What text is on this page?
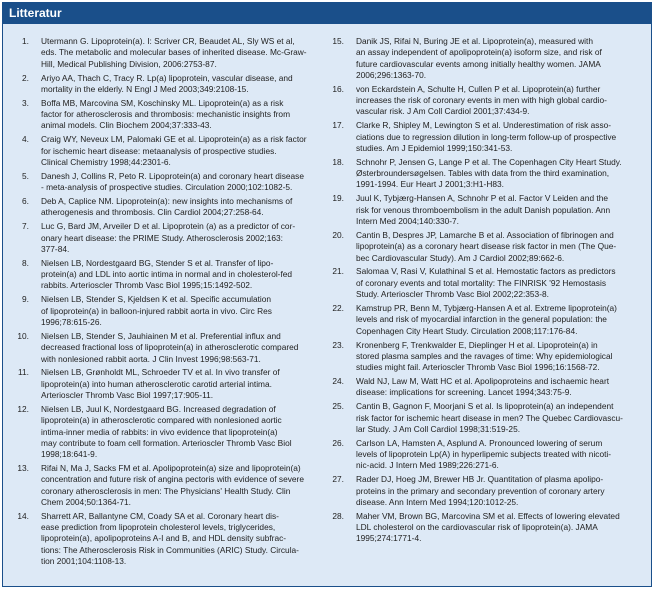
Litteratur
1.	Utermann G. Lipoprotein(a). I: Scriver CR, Beaudet AL, Sly WS et al,
eds. The metabolic and molecular bases of inherited disease. Mc-Graw-
Hill, Medical Publishing Division, 2006:2753-87.
2.	Ariyo AA, Thach C, Tracy R. Lp(a) lipoprotein, vascular disease, and
mortality in the elderly. N Engl J Med 2003;349:2108-15.
3.	Boffa MB, Marcovina SM, Koschinsky ML. Lipoprotein(a) as a risk
factor for atherosclerosis and thrombosis: mechanistic insights from
animal models. Clin Biochem 2004;37:333-43.
4.	Craig WY, Neveux LM, Palomaki GE et al. Lipoprotein(a) as a risk factor
for ischemic heart disease: metaanalysis of prospective studies.
Clinical Chemistry 1998;44:2301-6.
5.	Danesh J, Collins R, Peto R. Lipoprotein(a) and coronary heart disease
- meta-analysis of prospective studies. Circulation 2000;102:1082-5.
6.	Deb A, Caplice NM. Lipoprotein(a): new insights into mechanisms of
atherogenesis and thrombosis. Clin Cardiol 2004;27:258-64.
7.	Luc G, Bard JM, Arveiler D et al. Lipoprotein (a) as a predictor of cor-
onary heart disease: the PRIME Study. Atherosclerosis 2002;163:
377-84.
8.	Nielsen LB, Nordestgaard BG, Stender S et al. Transfer of lipo-
protein(a) and LDL into aortic intima in normal and in cholesterol-fed
rabbits. Arterioscler Thromb Vasc Biol 1995;15:1492-502.
9.	Nielsen LB, Stender S, Kjeldsen K et al. Specific accumulation
of lipoprotein(a) in balloon-injured rabbit aorta in vivo. Circ Res
1996;78:615-26.
10.	Nielsen LB, Stender S, Jauhiainen M et al. Preferential influx and
decreased fractional loss of lipoprotein(a) in atherosclerotic compared
with nonlesioned rabbit aorta. J Clin Invest 1996;98:563-71.
11.	Nielsen LB, Grønholdt ML, Schroeder TV et al. In vivo transfer of
lipoprotein(a) into human atherosclerotic carotid arterial intima.
Arterioscler Thromb Vasc Biol 1997;17:905-11.
12.	Nielsen LB, Juul K, Nordestgaard BG. Increased degradation of
lipoprotein(a) in atherosclerotic compared with nonlesioned aortic
intima-inner media of rabbits: in vivo evidence that lipoprotein(a)
may contribute to foam cell formation. Arterioscler Thromb Vasc Biol
1998;18:641-9.
13.	Rifai N, Ma J, Sacks FM et al. Apolipoprotein(a) size and lipoprotein(a)
concentration and future risk of angina pectoris with evidence of severe
coronary atherosclerosis in men: The Physicians' Health Study. Clin
Chem 2004;50:1364-71.
14.	Sharrett AR, Ballantyne CM, Coady SA et al. Coronary heart dis-
ease prediction from lipoprotein cholesterol levels, triglycerides,
lipoprotein(a), apolipoproteins A-I and B, and HDL density subfrac-
tions: The Atherosclerosis Risk in Communities (ARIC) Study. Circula-
tion 2001;104:1108-13.
15.	Danik JS, Rifai N, Buring JE et al. Lipoprotein(a), measured with
an assay independent of apolipoprotein(a) isoform size, and risk of
future cardiovascular events among initially healthy women. JAMA
2006;296:1363-70.
16.	von Eckardstein A, Schulte H, Cullen P et al. Lipoprotein(a) further
increases the risk of coronary events in men with high global cardio-
vascular risk. J Am Coll Cardiol 2001;37:434-9.
17.	Clarke R, Shipley M, Lewington S et al. Underestimation of risk asso-
ciations due to regression dilution in long-term follow-up of prospective
studies. Am J Epidemiol 1999;150:341-53.
18.	Schnohr P, Jensen G, Lange P et al. The Copenhagen City Heart Study.
Østerbroundersøgelsen. Tables with data from the third examination,
1991-1994. Eur Heart J 2001;3:H1-H83.
19.	Juul K, Tybjærg-Hansen A, Schnohr P et al. Factor V Leiden and the
risk for venous thromboembolism in the adult Danish population. Ann
Intern Med 2004;140:330-7.
20.	Cantin B, Despres JP, Lamarche B et al. Association of fibrinogen and
lipoprotein(a) as a coronary heart disease risk factor in men (The Que-
bec Cardiovascular Study). Am J Cardiol 2002;89:662-6.
21.	Salomaa V, Rasi V, Kulathinal S et al. Hemostatic factors as predictors
of coronary events and total mortality: The FINRISK '92 Hemostasis
Study. Arterioscler Thromb Vasc Biol 2002;22:353-8.
22.	Kamstrup PR, Benn M, Tybjærg-Hansen A et al. Extreme lipoprotein(a)
levels and risk of myocardial infarction in the general population: the
Copenhagen City Heart Study. Circulation 2008;117:176-84.
23.	Kronenberg F, Trenkwalder E, Dieplinger H et al. Lipoprotein(a) in
stored plasma samples and the ravages of time: Why epidemiological
studies might fail. Arterioscler Thromb Vasc Biol 1996;16:1568-72.
24.	Wald NJ, Law M, Watt HC et al. Apolipoproteins and ischaemic heart
disease: implications for screening. Lancet 1994;343:75-9.
25.	Cantin B, Gagnon F, Moorjani S et al. Is lipoprotein(a) an independent
risk factor for ischemic heart disease in men? The Quebec Cardiovascu-
lar Study. J Am Coll Cardiol 1998;31:519-25.
26.	Carlson LA, Hamsten A, Asplund A. Pronounced lowering of serum
levels of lipoprotein Lp(A) in hyperlipemic subjects treated with nicoti-
nic-acid. J Intern Med 1989;226:271-6.
27.	Rader DJ, Hoeg JM, Brewer HB Jr. Quantitation of plasma apolipo-
proteins in the primary and secondary prevention of coronary artery
disease. Ann Intern Med 1994;120:1012-25.
28.	Maher VM, Brown BG, Marcovina SM et al. Effects of lowering elevated
LDL cholesterol on the cardiovascular risk of lipoprotein(a). JAMA
1995;274:1771-4.
